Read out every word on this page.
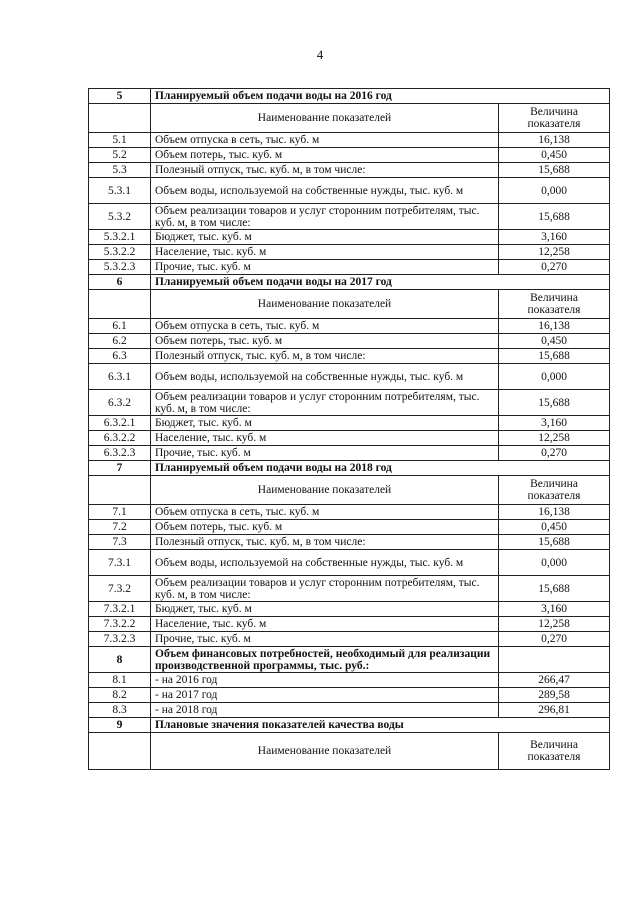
4
5	Планируемый объем подачи воды на 2016 год	
	Наименование показателей	Величина показателя
5.1	Объем отпуска в сеть, тыс. куб. м	16,138
5.2	Объем потерь, тыс. куб. м	0,450
5.3	Полезный отпуск, тыс. куб. м, в том числе:	15,688
5.3.1	Объем воды, используемой на собственные нужды, тыс. куб. м	0,000
5.3.2	Объем реализации товаров и услуг сторонним потребителям, тыс. куб. м, в том числе:	15,688
5.3.2.1	Бюджет, тыс. куб. м	3,160
5.3.2.2	Население, тыс. куб. м	12,258
5.3.2.3	Прочие, тыс. куб. м	0,270
6	Планируемый объем подачи воды на 2017 год	
	Наименование показателей	Величина показателя
6.1	Объем отпуска в сеть, тыс. куб. м	16,138
6.2	Объем потерь, тыс. куб. м	0,450
6.3	Полезный отпуск, тыс. куб. м, в том числе:	15,688
6.3.1	Объем воды, используемой на собственные нужды, тыс. куб. м	0,000
6.3.2	Объем реализации товаров и услуг сторонним потребителям, тыс. куб. м, в том числе:	15,688
6.3.2.1	Бюджет, тыс. куб. м	3,160
6.3.2.2	Население, тыс. куб. м	12,258
6.3.2.3	Прочие, тыс. куб. м	0,270
7	Планируемый объем подачи воды на 2018 год	
	Наименование показателей	Величина показателя
7.1	Объем отпуска в сеть, тыс. куб. м	16,138
7.2	Объем потерь, тыс. куб. м	0,450
7.3	Полезный отпуск, тыс. куб. м, в том числе:	15,688
7.3.1	Объем воды, используемой на собственные нужды, тыс. куб. м	0,000
7.3.2	Объем реализации товаров и услуг сторонним потребителям, тыс. куб. м, в том числе:	15,688
7.3.2.1	Бюджет, тыс. куб. м	3,160
7.3.2.2	Население, тыс. куб. м	12,258
7.3.2.3	Прочие, тыс. куб. м	0,270
8	Объем финансовых потребностей, необходимый для реализации производственной программы, тыс. руб.:	
8.1	- на 2016 год	266,47
8.2	- на 2017 год	289,58
8.3	- на 2018 год	296,81
9	Плановые значения показателей качества воды	
	Наименование показателей	Величина показателя
